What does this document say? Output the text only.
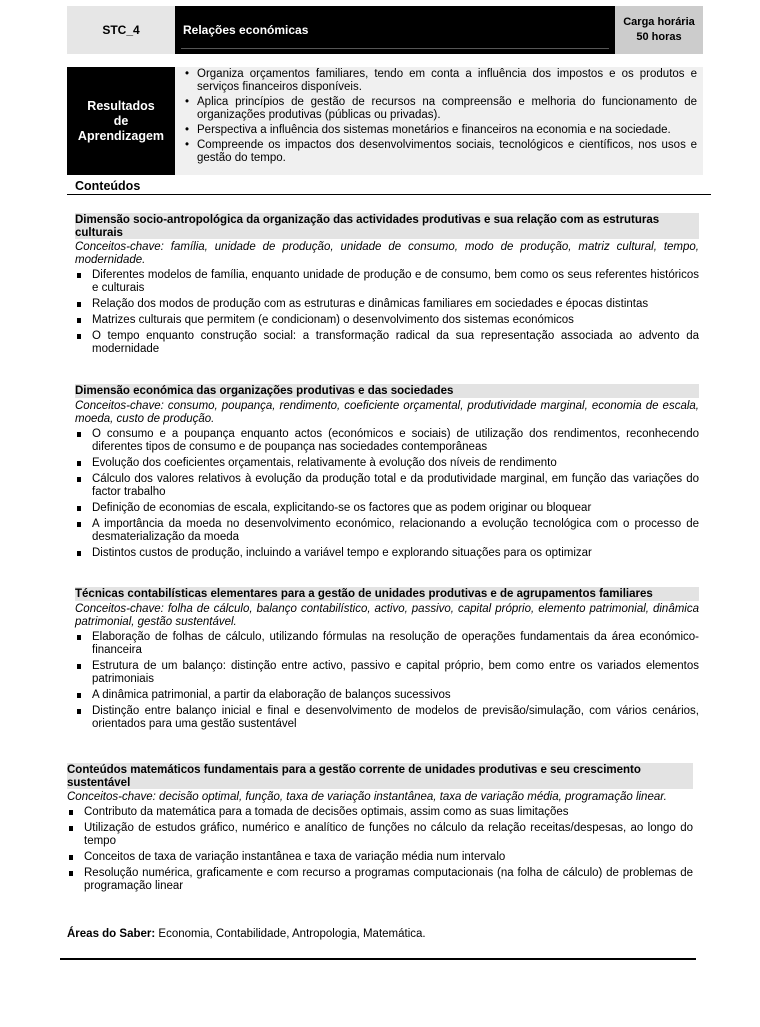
STC_4	Relações económicas
Carga horária
50 horas
Resultados
de
Aprendizagem
• Organiza orçamentos familiares, tendo em conta a influência dos impostos e os produtos e serviços financeiros disponíveis.
• Aplica princípios de gestão de recursos na compreensão e melhoria do funcionamento de organizações produtivas (públicas ou privadas).
• Perspectiva a influência dos sistemas monetários e financeiros na economia e na sociedade.
• Compreende os impactos dos desenvolvimentos sociais, tecnológicos e científicos, nos usos e gestão do tempo.
Conteúdos
Dimensão socio-antropológica da organização das actividades produtivas e sua relação com as estruturas culturais
Conceitos-chave: família, unidade de produção, unidade de consumo, modo de produção, matriz cultural, tempo, modernidade.
Diferentes modelos de família, enquanto unidade de produção e de consumo, bem como os seus referentes históricos e culturais
Relação dos modos de produção com as estruturas e dinâmicas familiares em sociedades e épocas distintas
Matrizes culturais que permitem (e condicionam) o desenvolvimento dos sistemas económicos
O tempo enquanto construção social: a transformação radical da sua representação associada ao advento da modernidade
Dimensão económica das organizações produtivas e das sociedades
Conceitos-chave: consumo, poupança, rendimento, coeficiente orçamental, produtividade marginal, economia de escala, moeda, custo de produção.
O consumo e a poupança enquanto actos (económicos e sociais) de utilização dos rendimentos, reconhecendo diferentes tipos de consumo e de poupança nas sociedades contemporâneas
Evolução dos coeficientes orçamentais, relativamente à evolução dos níveis de rendimento
Cálculo dos valores relativos à evolução da produção total e da produtividade marginal, em função das variações do factor trabalho
Definição de economias de escala, explicitando-se os factores que as podem originar ou bloquear
A importância da moeda no desenvolvimento económico, relacionando a evolução tecnológica com o processo de desmaterialização da moeda
Distintos custos de produção, incluindo a variável tempo e explorando situações para os optimizar
Técnicas contabilísticas elementares para a gestão de unidades produtivas e de agrupamentos familiares
Conceitos-chave: folha de cálculo, balanço contabilístico, activo, passivo, capital próprio, elemento patrimonial, dinâmica patrimonial, gestão sustentável.
Elaboração de folhas de cálculo, utilizando fórmulas na resolução de operações fundamentais da área económico-financeira
Estrutura de um balanço: distinção entre activo, passivo e capital próprio, bem como entre os variados elementos patrimoniais
A dinâmica patrimonial, a partir da elaboração de balanços sucessivos
Distinção entre balanço inicial e final e desenvolvimento de modelos de previsão/simulação, com vários cenários, orientados para uma gestão sustentável
Conteúdos matemáticos fundamentais para a gestão corrente de unidades produtivas e seu crescimento sustentável
Conceitos-chave: decisão optimal, função, taxa de variação instantânea, taxa de variação média, programação linear.
Contributo da matemática para a tomada de decisões optimais, assim como as suas limitações
Utilização de estudos gráfico, numérico e analítico de funções no cálculo da relação receitas/despesas, ao longo do tempo
Conceitos de taxa de variação instantânea e taxa de variação média num intervalo
Resolução numérica, graficamente e com recurso a programas computacionais (na folha de cálculo) de problemas de programação linear
Áreas do Saber: Economia, Contabilidade, Antropologia, Matemática.
